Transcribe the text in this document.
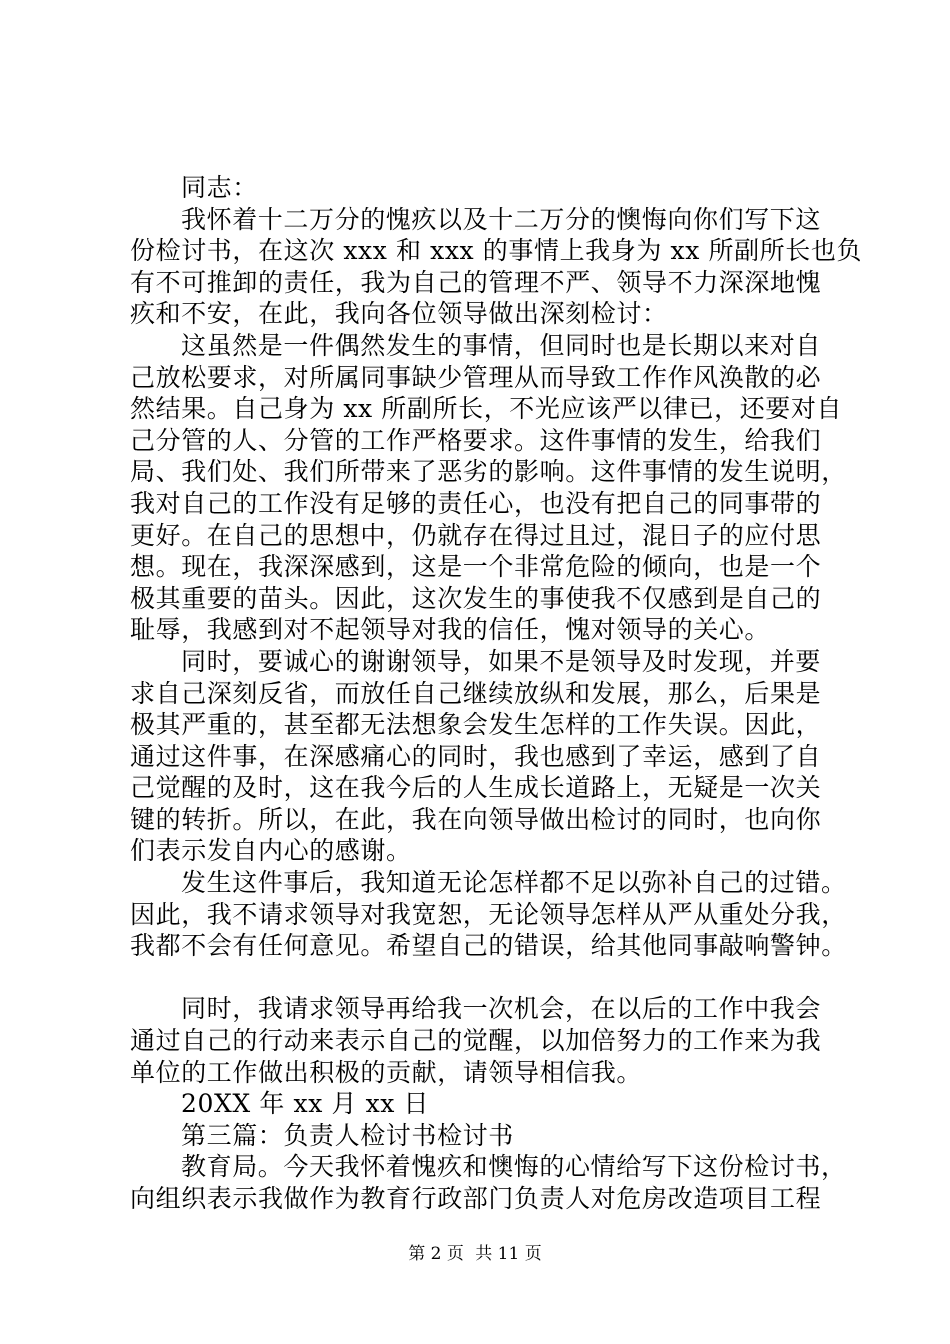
同志：
我怀着十二万分的愧疚以及十二万分的懊悔向你们写下这
份检讨书，在这次 xxx 和 xxx 的事情上我身为 xx 所副所长也负
有不可推卸的责任，我为自己的管理不严、领导不力深深地愧
疚和不安，在此，我向各位领导做出深刻检讨：
这虽然是一件偶然发生的事情，但同时也是长期以来对自
己放松要求，对所属同事缺少管理从而导致工作作风涣散的必
然结果。自己身为 xx 所副所长，不光应该严以律已，还要对自
己分管的人、分管的工作严格要求。这件事情的发生，给我们
局、我们处、我们所带来了恶劣的影响。这件事情的发生说明，
我对自己的工作没有足够的责任心，也没有把自己的同事带的
更好。在自己的思想中，仍就存在得过且过，混日子的应付思
想。现在，我深深感到，这是一个非常危险的倾向，也是一个
极其重要的苗头。因此，这次发生的事使我不仅感到是自己的
耻辱，我感到对不起领导对我的信任，愧对领导的关心。
同时，要诚心的谢谢领导，如果不是领导及时发现，并要
求自己深刻反省，而放任自己继续放纵和发展，那么，后果是
极其严重的，甚至都无法想象会发生怎样的工作失误。因此，
通过这件事，在深感痛心的同时，我也感到了幸运，感到了自
己觉醒的及时，这在我今后的人生成长道路上，无疑是一次关
键的转折。所以，在此，我在向领导做出检讨的同时，也向你
们表示发自内心的感谢。
发生这件事后，我知道无论怎样都不足以弥补自己的过错。
因此，我不请求领导对我宽恕，无论领导怎样从严从重处分我，
我都不会有任何意见。希望自己的错误，给其他同事敲响警钟。
同时，我请求领导再给我一次机会，在以后的工作中我会
通过自己的行动来表示自己的觉醒，以加倍努力的工作来为我
单位的工作做出积极的贡献，请领导相信我。
20XX 年 xx 月 xx 日
第三篇：负责人检讨书检讨书
教育局。今天我怀着愧疚和懊悔的心情给写下这份检讨书，
向组织表示我做作为教育行政部门负责人对危房改造项目工程
第 2 页 共 11 页
